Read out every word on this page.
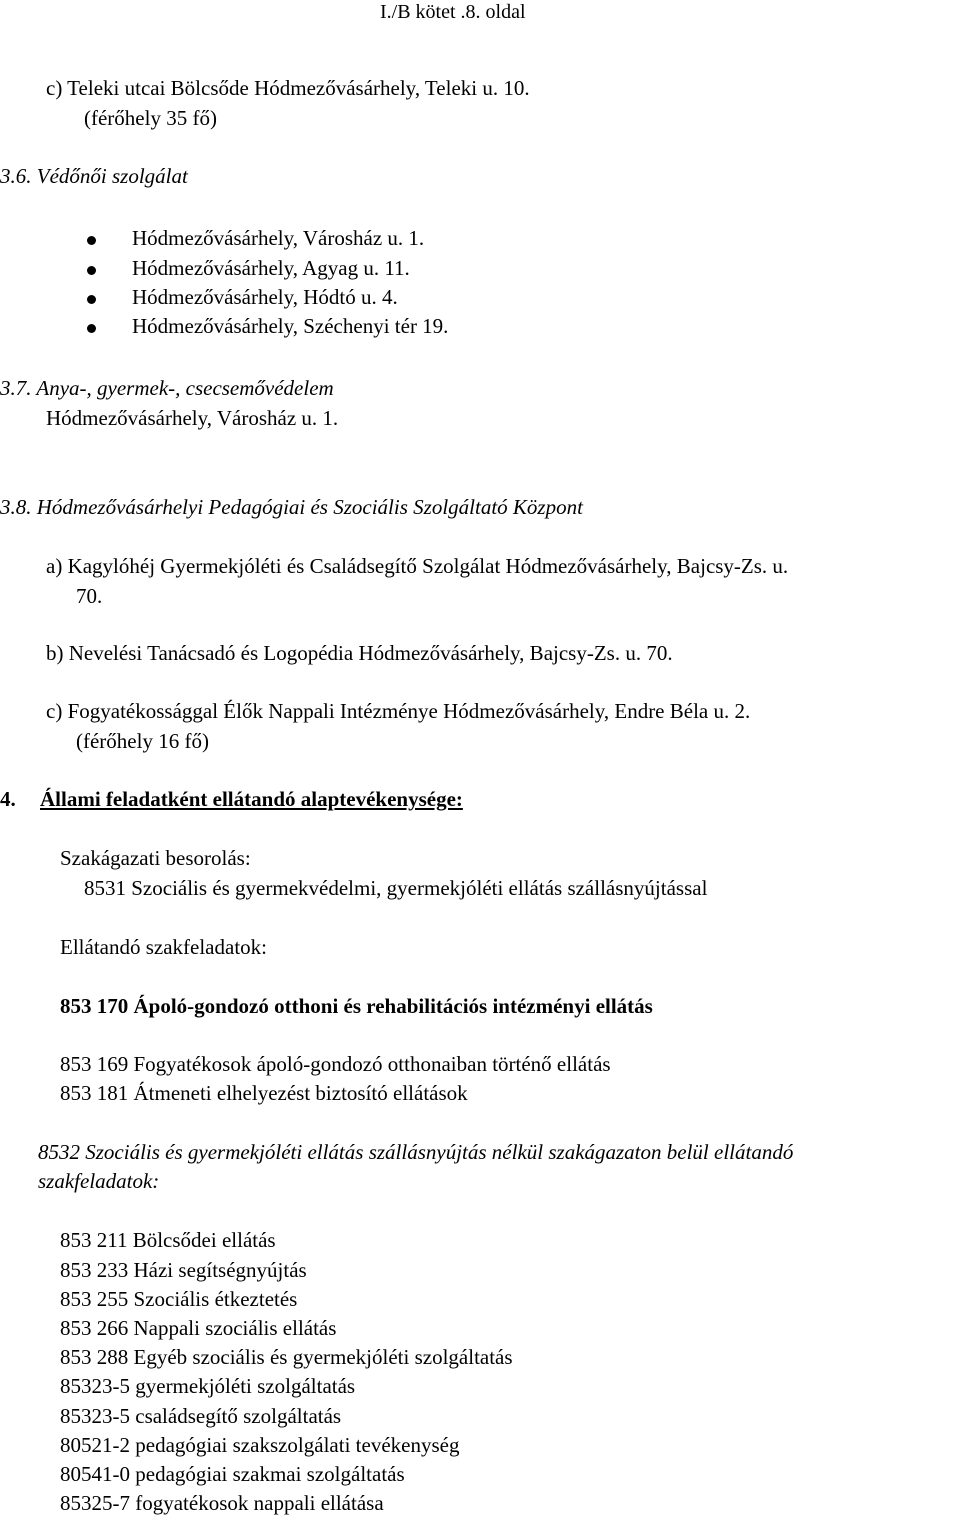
I./B kötet .8. oldal
c) Teleki utcai Bölcsőde Hódmezővásárhely, Teleki u. 10.
(férőhely 35 fő)
3.6. Védőnői szolgálat
Hódmezővásárhely, Városház u. 1.
Hódmezővásárhely, Agyag u. 11.
Hódmezővásárhely, Hódtó u. 4.
Hódmezővásárhely, Széchenyi tér 19.
3.7. Anya-, gyermek-, csecsemővédelem
Hódmezővásárhely, Városház u. 1.
3.8. Hódmezővásárhelyi Pedagógiai és Szociális Szolgáltató Központ
a) Kagylóhéj Gyermekjóléti és Családsegítő Szolgálat Hódmezővásárhely, Bajcsy-Zs. u.
70.
b) Nevelési Tanácsadó és Logopédia Hódmezővásárhely, Bajcsy-Zs. u. 70.
c) Fogyatékossággal Élők Nappali Intézménye Hódmezővásárhely, Endre Béla u. 2.
(férőhely 16 fő)
4. Állami feladatként ellátandó alaptevékenysége:
Szakágazati besorolás:
8531 Szociális és gyermekvédelmi, gyermekjóléti ellátás szállásnyújtással
Ellátandó szakfeladatok:
853 170 Ápoló-gondozó otthoni és rehabilitációs intézményi ellátás
853 169 Fogyatékosok ápoló-gondozó otthonaiban történő ellátás
853 181 Átmeneti elhelyezést biztosító ellátások
8532 Szociális és gyermekjóléti ellátás szállásnyújtás nélkül szakágazaton belül ellátandó
szakfeladatok:
853 211 Bölcsődei ellátás
853 233 Házi segítségnyújtás
853 255 Szociális étkeztetés
853 266 Nappali szociális ellátás
853 288 Egyéb szociális és gyermekjóléti szolgáltatás
85323-5 gyermekjóléti szolgáltatás
85323-5 családsegítő szolgáltatás
80521-2 pedagógiai szakszolgálati tevékenység
80541-0 pedagógiai szakmai szolgáltatás
85325-7 fogyatékosok nappali ellátása
